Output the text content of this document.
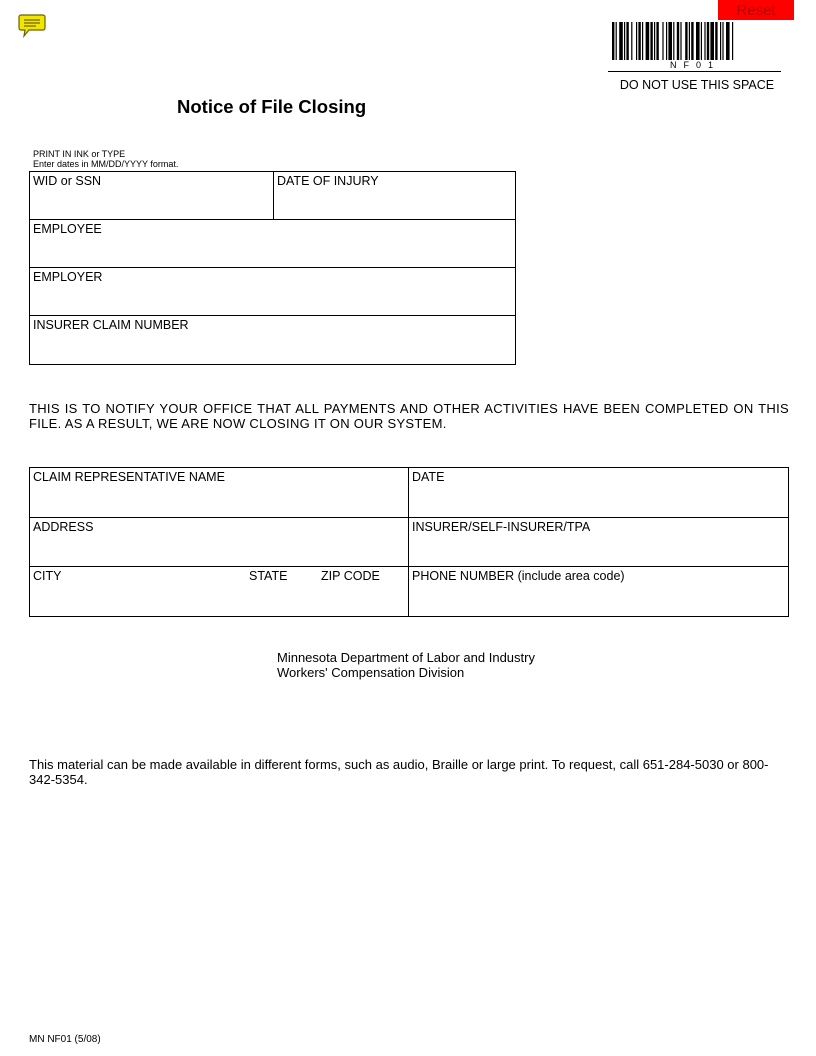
Reset
NF01
DO NOT USE THIS SPACE
Notice of File Closing
PRINT IN INK or TYPE
Enter dates in MM/DD/YYYY format.
WID or SSN	DATE OF INJURY
EMPLOYEE
EMPLOYER
INSURER CLAIM NUMBER
THIS IS TO NOTIFY YOUR OFFICE THAT ALL PAYMENTS AND OTHER ACTIVITIES HAVE BEEN COMPLETED ON THIS FILE. AS A RESULT, WE ARE NOW CLOSING IT ON OUR SYSTEM.
CLAIM REPRESENTATIVE NAME	DATE
ADDRESS	INSURER/SELF-INSURER/TPA
CITY	STATE	ZIP CODE	PHONE NUMBER (include area code)
Minnesota Department of Labor and Industry
Workers' Compensation Division
This material can be made available in different forms, such as audio, Braille or large print. To request, call 651-284-5030 or 800-342-5354.
MN NF01 (5/08)
